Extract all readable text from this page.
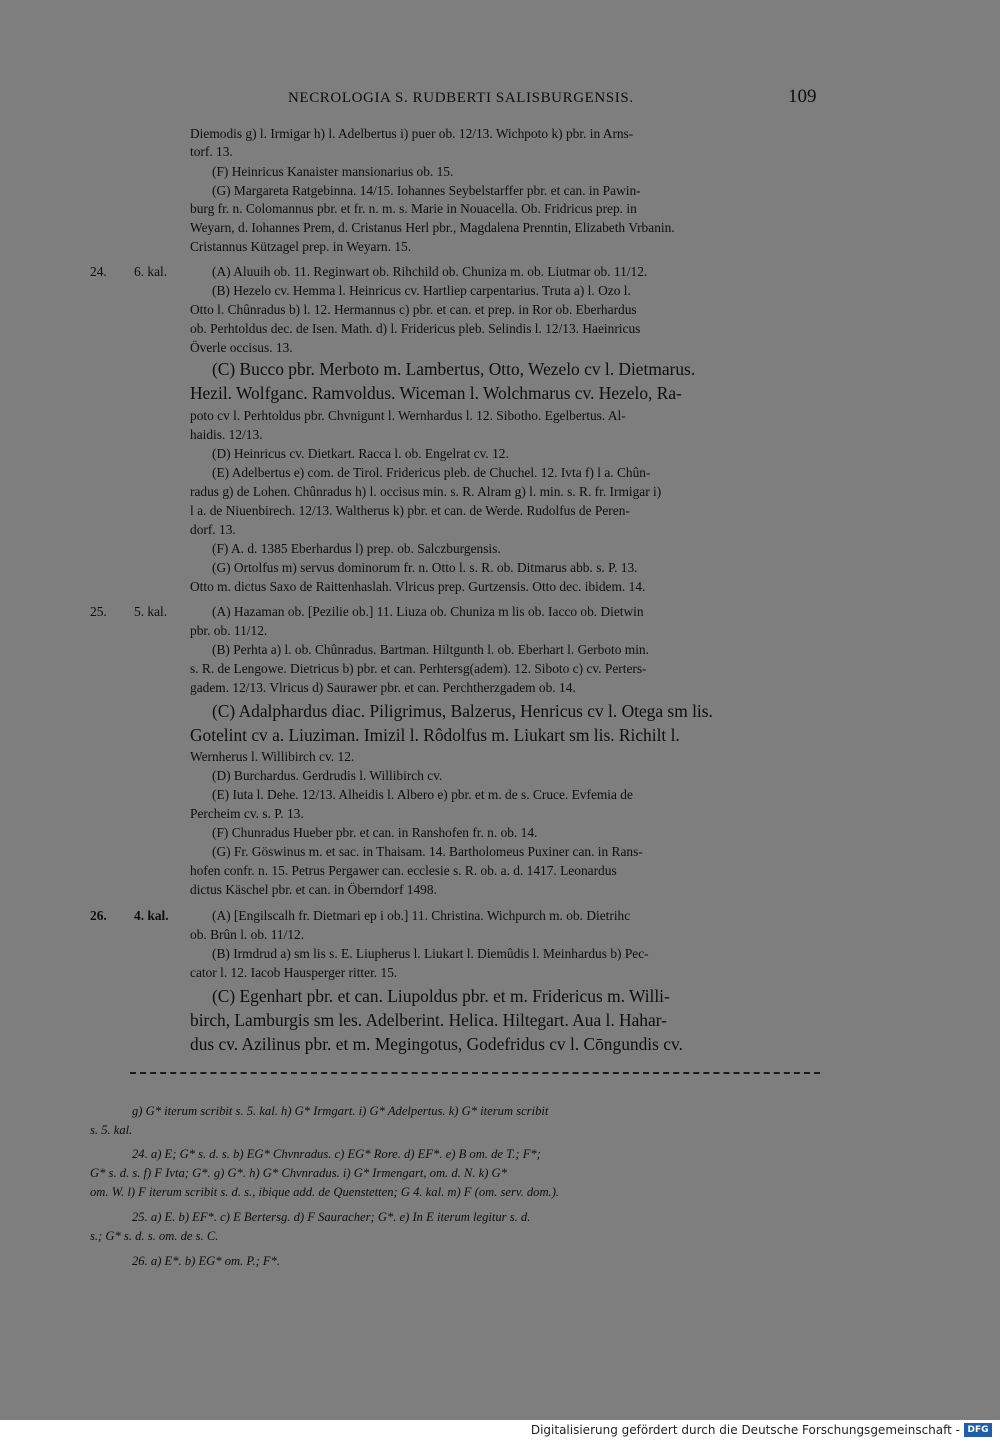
NECROLOGIA S. RUDBERTI SALISBURGENSIS.	109
Diemodis g) l. Irmigar h) l. Adelbertus i) puer ob. 12/13. Wichpoto k) pbr. in Arns-
torf. 13.
(F) Heinricus Kanaister mansionarius ob. 15.
(G) Margareta Ratgebinna. 14/15. Iohannes Seybelstarffer pbr. et can. in Pawin-
burg fr. n. Colomannus pbr. et fr. n. m. s. Marie in Nouacella. Ob. Fridricus prep. in
Weyarn, d. Iohannes Prem, d. Cristanus Herl pbr., Magdalena Prenntin, Elizabeth Vrbanin.
Cristannus Kützagel prep. in Weyarn. 15.
24. 6. kal.	(A) Aluuih ob. 11. Reginwart ob. Rihchild ob. Chuniza m. ob. Liutmar ob. 11/12.
(B) Hezelo cv. Hemma l. Heinricus cv. Hartliep carpentarius. Truta a) l. Ozo l.
Otto l. Chûnradus b) l. 12. Hermannus c) pbr. et can. et prep. in Ror ob. Eberhardus
ob. Perhtoldus dec. de Isen. Math. d) l. Fridericus pleb. Selindis l. 12/13. Haeinricus
Överle occisus. 13.
(C) Bucco pbr. Merboto m. Lambertus, Otto, Wezelo cv l. Dietmarus.
Hezil. Wolfganc. Ramvoldus. Wiceman l. Wolchmarus cv. Hezelo, Ra-
poto cv l. Perhtoldus pbr. Chvnigunt l. Wernhardus l. 12. Sibotho. Egelbertus. Al-
haidis. 12/13.
(D) Heinricus cv. Dietkart. Racca l. ob. Engelrat cv. 12.
(E) Adelbertus e) com. de Tirol. Fridericus pleb. de Chuchel. 12. Ivta f) l a. Chûn-
radus g) de Lohen. Chûnradus h) l. occisus min. s. R. Alram g) l. min. s. R. fr. Irmigar i)
l a. de Niuenbirech. 12/13. Waltherus k) pbr. et can. de Werde. Rudolfus de Peren-
dorf. 13.
(F) A. d. 1385 Eberhardus l) prep. ob. Salczburgensis.
(G) Ortolfus m) servus dominorum fr. n. Otto l. s. R. ob. Ditmarus abb. s. P. 13.
Otto m. dictus Saxo de Raittenhaslah. Vlricus prep. Gurtzensis. Otto dec. ibidem. 14.
25. 5. kal.	(A) Hazaman ob. [Pezilie ob.] 11. Liuza ob. Chuniza m lis ob. Iacco ob. Dietwin
pbr. ob. 11/12.
(B) Perhta a) l. ob. Chûnradus. Bartman. Hiltgunth l. ob. Eberhart l. Gerboto min.
s. R. de Lengowe. Dietricus b) pbr. et can. Perhtersg(adem). 12. Siboto c) cv. Perters-
gadem. 12/13. Vlricus d) Saurawer pbr. et can. Perchtherzgadem ob. 14.
(C) Adalphardus diac. Piligrimus, Balzerus, Henricus cv l. Otega sm lis.
Gotelint cv a. Liuziman. Imizil l. Rôdolfus m. Liukart sm lis. Richilt l.
Wernherus l. Willibirch cv. 12.
(D) Burchardus. Gerdrudis l. Willibirch cv.
(E) Iuta l. Dehe. 12/13. Alheidis l. Albero e) pbr. et m. de s. Cruce. Evfemia de
Percheim cv. s. P. 13.
(F) Chunradus Hueber pbr. et can. in Ranshofen fr. n. ob. 14.
(G) Fr. Göswinus m. et sac. in Thaisam. 14. Bartholomeus Puxiner can. in Rans-
hofen confr. n. 15. Petrus Pergawer can. ecclesie s. R. ob. a. d. 1417. Leonardus
dictus Käschel pbr. et can. in Öberndorf 1498.
26. 4. kal.	(A) [Engilscalh fr. Dietmari ep i ob.] 11. Christina. Wichpurch m. ob. Dietrihc
ob. Brûn l. ob. 11/12.
(B) Irmdrud a) sm lis s. E. Liupherus l. Liukart l. Diemûdis l. Meinhardus b) Pec-
cator l. 12. Iacob Hausperger ritter. 15.
(C) Egenhart pbr. et can. Liupoldus pbr. et m. Fridericus m. Willi-
birch, Lamburgis sm les. Adelberint. Helica. Hiltegart. Aua l. Hahar-
dus cv. Azilinus pbr. et m. Megingotus, Godefridus cv l. Cōngundis cv.
g) G* iterum scribit s. 5. kal. h) G* Irmgart. i) G* Adelpertus. k) G* iterum scribit
s. 5. kal.
24. a) E; G* s. d. s. b) EG* Chvnradus. c) EG* Rore. d) EF*. e) B om. de T.; F*;
G* s. d. s. f) F Ivta; G*. g) G*. h) G* Chvnradus. i) G* Irmengart, om. d. N. k) G*
om. W. l) F iterum scribit s. d. s., ibique add. de Quenstetten; G 4. kal. m) F (om. serv. dom.).
25. a) E. b) EF*. c) E Bertersg. d) F Sauracher; G*. e) In E iterum legitur s. d.
s.; G* s. d. s. om. de s. C.
26. a) E*. b) EG* om. P.; F*.
Digitalisierung gefördert durch die Deutsche Forschungsgemeinschaft - DFG
